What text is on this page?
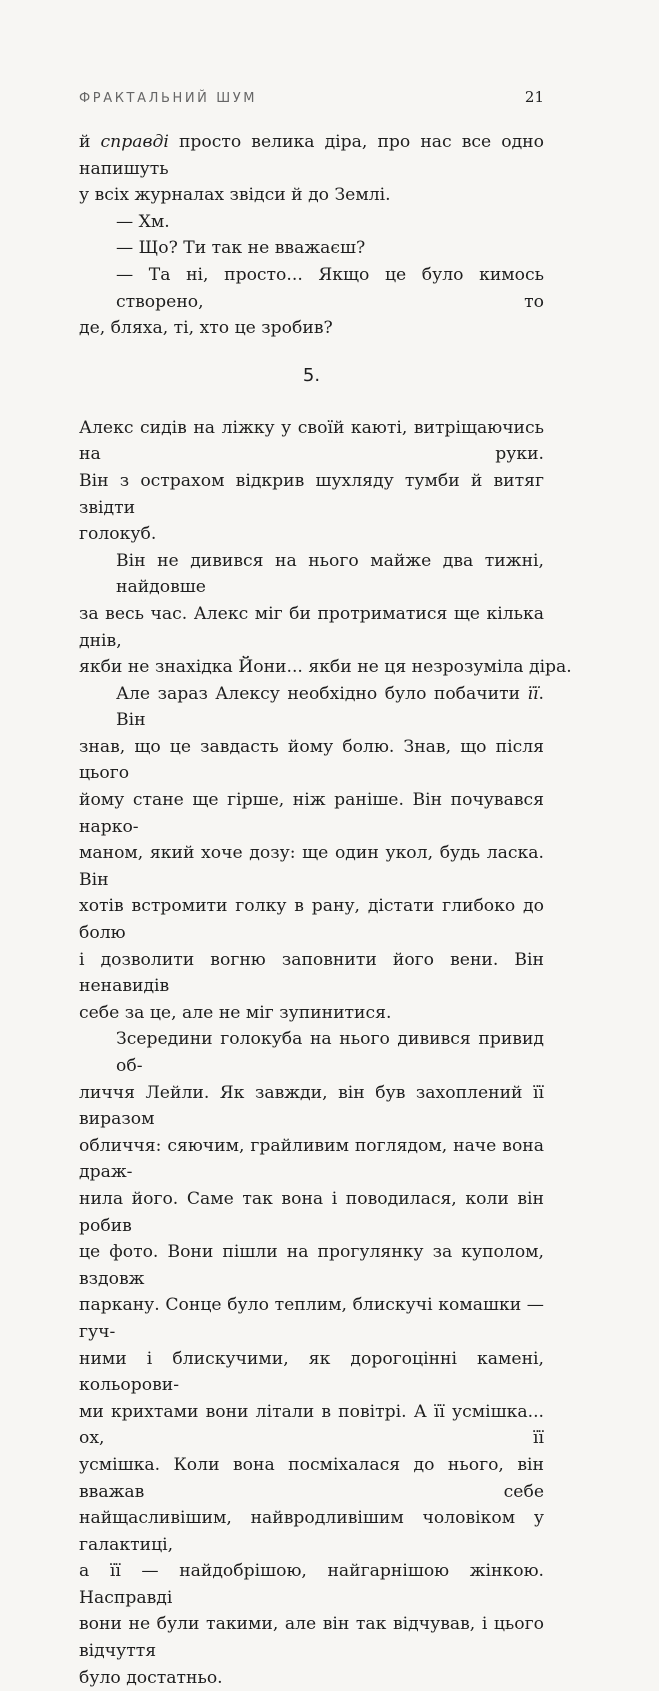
ФРАКТАЛЬНИЙ ШУМ	21
й справді просто велика діра, про нас все одно напишуть
у всіх журналах звідси й до Землі.
— Хм.
— Що? Ти так не вважаєш?
— Та ні, просто... Якщо це було кимось створено, то
де, бляха, ті, хто це зробив?
5.
Алекс сидів на ліжку у своїй каюті, витріщаючись на руки.
Він з острахом відкрив шухляду тумби й витяг звідти
голокуб.
Він не дивився на нього майже два тижні, найдовше
за весь час. Алекс міг би протриматися ще кілька днів,
якби не знахідка Йони... якби не ця незрозуміла діра.
Але зараз Алексу необхідно було побачити її. Він
знав, що це завдасть йому болю. Знав, що після цього
йому стане ще гірше, ніж раніше. Він почувався нарко-
маном, який хоче дозу: ще один укол, будь ласка. Він
хотів встромити голку в рану, дістати глибоко до болю
і дозволити вогню заповнити його вени. Він ненавидів
себе за це, але не міг зупинитися.
Зсередини голокуба на нього дивився привид об-
личчя Лейли. Як завжди, він був захоплений її виразом
обличчя: сяючим, грайливим поглядом, наче вона драж-
нила його. Саме так вона і поводилася, коли він робив
це фото. Вони пішли на прогулянку за куполом, вздовж
паркану. Сонце було теплим, блискучі комашки — гуч-
ними і блискучими, як дорогоцінні камені, кольорови-
ми крихтами вони літали в повітрі. А її усмішка... ох, її
усмішка. Коли вона посміхалася до нього, він вважав себе
найщасливішим, найвродливішим чоловіком у галактиці,
а її — найдобрішою, найгарнішою жінкою. Насправді
вони не були такими, але він так відчував, і цього відчуття
було достатньо.
